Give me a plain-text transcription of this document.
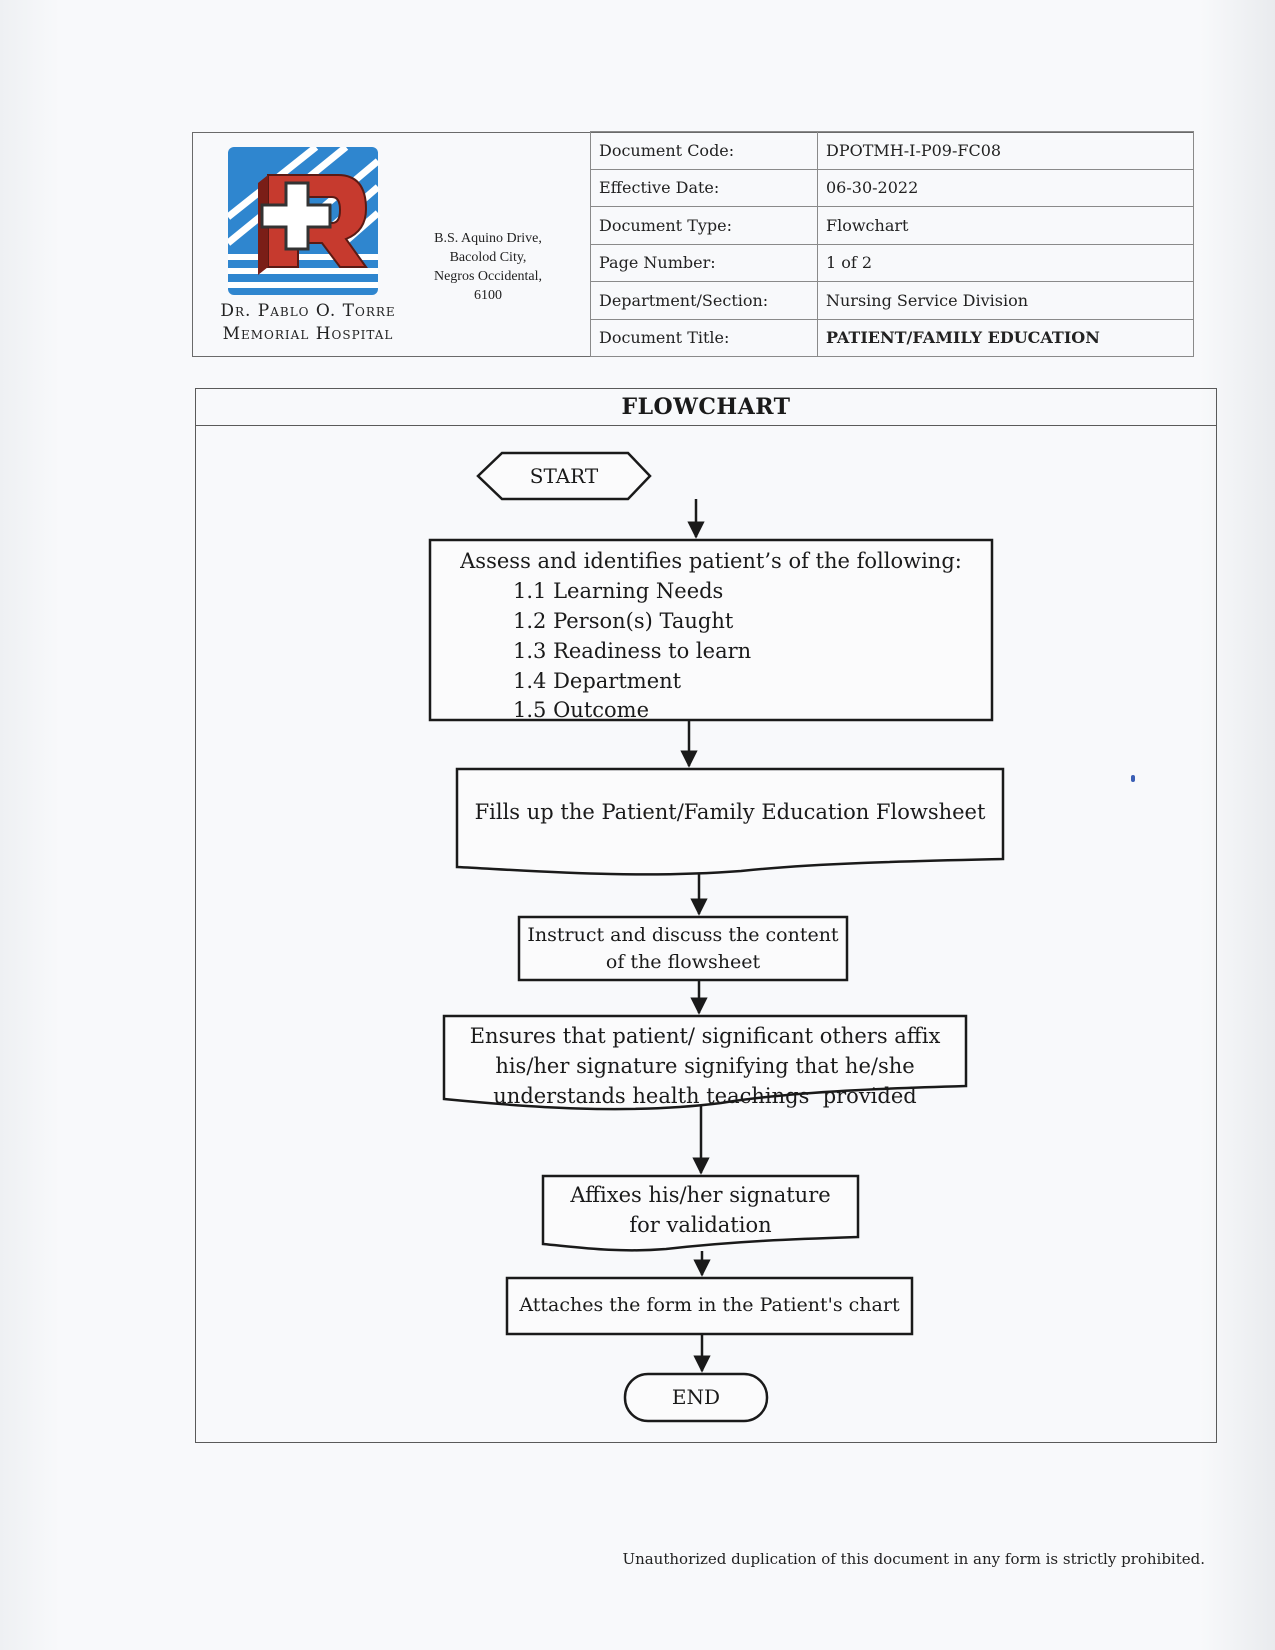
Dr. Pablo O. Torre
Memorial Hospital
B.S. Aquino Drive,
Bacolod City,
Negros Occidental,
6100
Document Code:	DPOTMH-I-P09-FC08
Effective Date:	06-30-2022
Document Type:	Flowchart
Page Number:	1 of 2
Department/Section:	Nursing Service Division
Document Title:	PATIENT/FAMILY EDUCATION
FLOWCHART
START
Assess and identifies patient’s of the following:
1.1 Learning Needs
1.2 Person(s) Taught
1.3 Readiness to learn
1.4 Department
1.5 Outcome
Fills up the Patient/Family Education Flowsheet
Instruct and discuss the content
of the flowsheet
Ensures that patient/ significant others affix
his/her signature signifying that he/she
understands health teachings  provided
Affixes his/her signature
for validation
Attaches the form in the Patient's chart
END
Unauthorized duplication of this document in any form is strictly prohibited.
